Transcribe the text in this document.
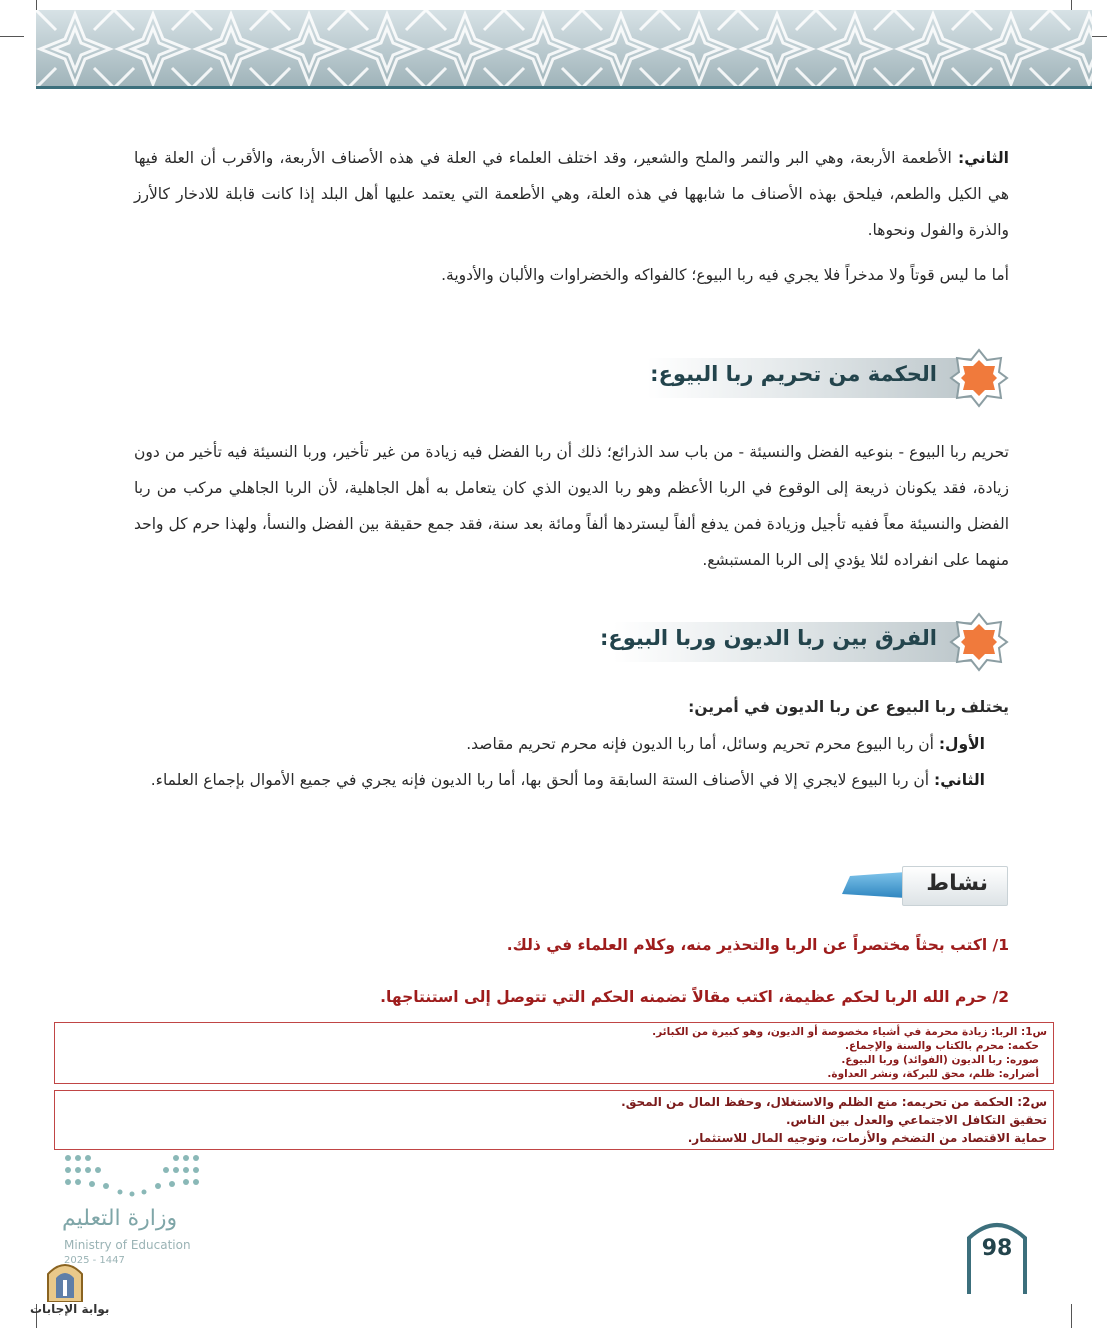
الثاني: الأطعمة الأربعة، وهي البر والتمر والملح والشعير، وقد اختلف العلماء في العلة في هذه الأصناف الأربعة، والأقرب أن العلة فيها هي الكيل والطعم، فيلحق بهذه الأصناف ما شابهها في هذه العلة، وهي الأطعمة التي يعتمد عليها أهل البلد إذا كانت قابلة للادخار كالأرز والذرة والفول ونحوها.
أما ما ليس قوتاً ولا مدخراً فلا يجري فيه ربا البيوع؛ كالفواكه والخضراوات والألبان والأدوية.
الحكمة من تحريم ربا البيوع:
تحريم ربا البيوع - بنوعيه الفضل والنسيئة - من باب سد الذرائع؛ ذلك أن ربا الفضل فيه زيادة من غير تأخير، وربا النسيئة فيه تأخير من دون زيادة، فقد يكونان ذريعة إلى الوقوع في الربا الأعظم وهو ربا الديون الذي كان يتعامل به أهل الجاهلية، لأن الربا الجاهلي مركب من ربا الفضل والنسيئة معاً ففيه تأجيل وزيادة فمن يدفع ألفاً ليستردها ألفاً ومائة بعد سنة، فقد جمع حقيقة بين الفضل والنسأ، ولهذا حرم كل واحد منهما على انفراده لئلا يؤدي إلى الربا المستبشع.
الفرق بين ربا الديون وربا البيوع:
يختلف ربا البيوع عن ربا الديون في أمرين:
الأول: أن ربا البيوع محرم تحريم وسائل، أما ربا الديون فإنه محرم تحريم مقاصد.
الثاني: أن ربا البيوع لايجري إلا في الأصناف الستة السابقة وما ألحق بها، أما ربا الديون فإنه يجري في جميع الأموال بإجماع العلماء.
نشاط
1/ اكتب بحثاً مختصراً عن الربا والتحذير منه، وكلام العلماء في ذلك.
2/ حرم الله الربا لحكم عظيمة، اكتب مقالاً تضمنه الحكم التي تتوصل إلى استنتاجها.
س1: الربا: زيادة محرمة في أشياء مخصوصة أو الديون، وهو كبيرة من الكبائر.
حكمه: محرم بالكتاب والسنة والإجماع.
صوره: ربا الديون (الفوائد) وربا البيوع.
أضراره: ظلم، محق للبركة، ونشر العداوة.
س2: الحكمة من تحريمه: منع الظلم والاستغلال، وحفظ المال من المحق.
تحقيق التكافل الاجتماعي والعدل بين الناس.
حماية الاقتصاد من التضخم والأزمات، وتوجيه المال للاستثمار.
وزارة التعليم
Ministry of Education
2025 - 1447	98
بوابة الإجابات
